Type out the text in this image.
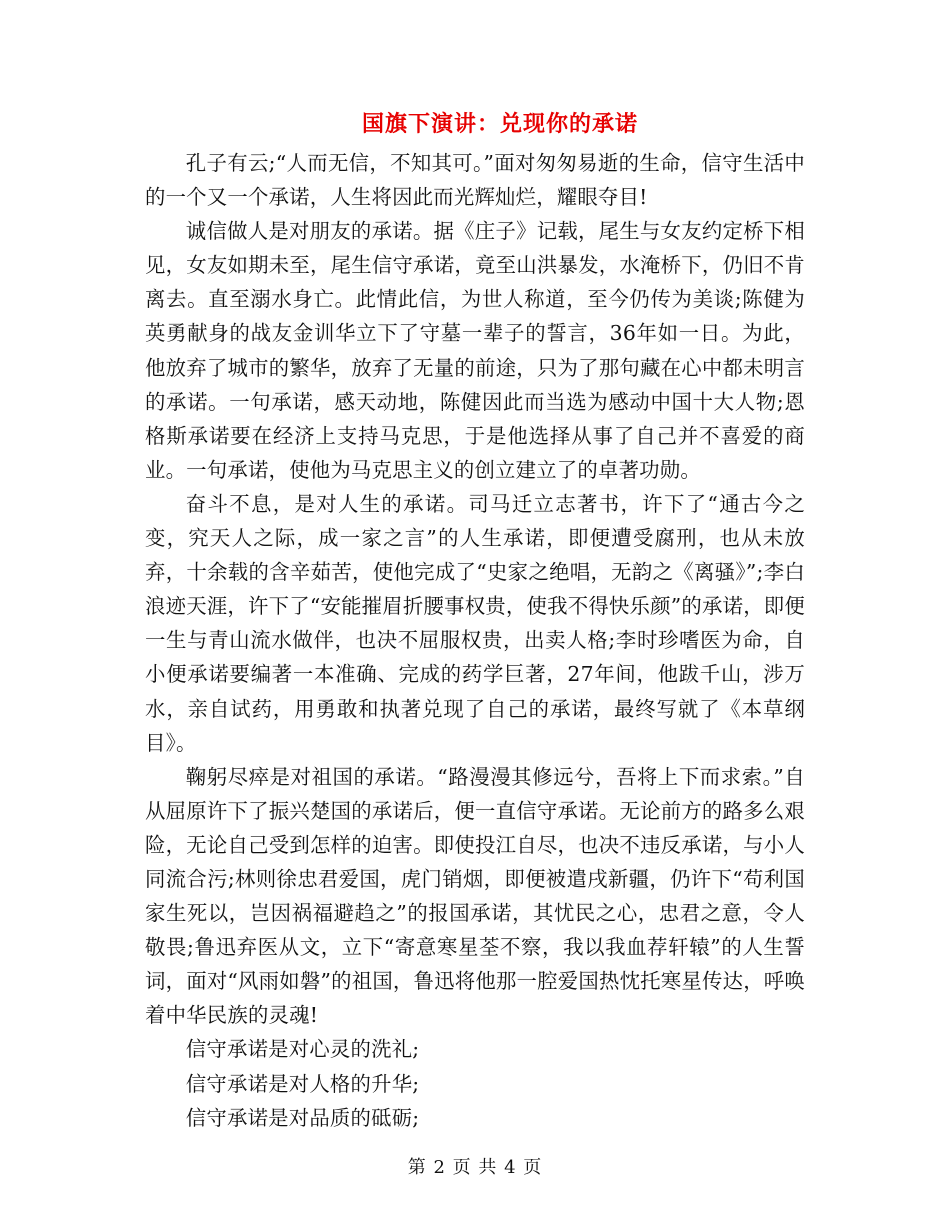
国旗下演讲：兑现你的承诺

孔子有云;“人而无信，不知其可。”面对匆匆易逝的生命，信守生活中的一个又一个承诺，人生将因此而光辉灿烂，耀眼夺目!

诚信做人是对朋友的承诺。据《庄子》记载，尾生与女友约定桥下相见，女友如期未至，尾生信守承诺，竟至山洪暴发，水淹桥下，仍旧不肯离去。直至溺水身亡。此情此信，为世人称道，至今仍传为美谈;陈健为英勇献身的战友金训华立下了守墓一辈子的誓言，36年如一日。为此，他放弃了城市的繁华，放弃了无量的前途，只为了那句藏在心中都未明言的承诺。一句承诺，感天动地，陈健因此而当选为感动中国十大人物;恩格斯承诺要在经济上支持马克思，于是他选择从事了自己并不喜爱的商业。一句承诺，使他为马克思主义的创立建立了的卓著功勋。

奋斗不息，是对人生的承诺。司马迁立志著书，许下了“通古今之变，究天人之际，成一家之言”的人生承诺，即便遭受腐刑，也从未放弃，十余载的含辛茹苦，使他完成了“史家之绝唱，无韵之《离骚》”;李白浪迹天涯，许下了“安能摧眉折腰事权贵，使我不得快乐颜”的承诺，即便一生与青山流水做伴，也决不屈服权贵，出卖人格;李时珍嗜医为命，自小便承诺要编著一本准确、完成的药学巨著，27年间，他跋千山，涉万水，亲自试药，用勇敢和执著兑现了自己的承诺，最终写就了《本草纲目》。

鞠躬尽瘁是对祖国的承诺。“路漫漫其修远兮，吾将上下而求索。”自从屈原许下了振兴楚国的承诺后，便一直信守承诺。无论前方的路多么艰险，无论自己受到怎样的迫害。即使投江自尽，也决不违反承诺，与小人同流合污;林则徐忠君爱国，虎门销烟，即便被遣戌新疆，仍许下“苟利国家生死以，岂因祸福避趋之”的报国承诺，其忧民之心，忠君之意，令人敬畏;鲁迅弃医从文，立下“寄意寒星荃不察，我以我血荐轩辕”的人生誓词，面对“风雨如磐”的祖国，鲁迅将他那一腔爱国热忱托寒星传达，呼唤着中华民族的灵魂!

信守承诺是对心灵的洗礼;

信守承诺是对人格的升华;

信守承诺是对品质的砥砺;

第 2 页 共 4 页
